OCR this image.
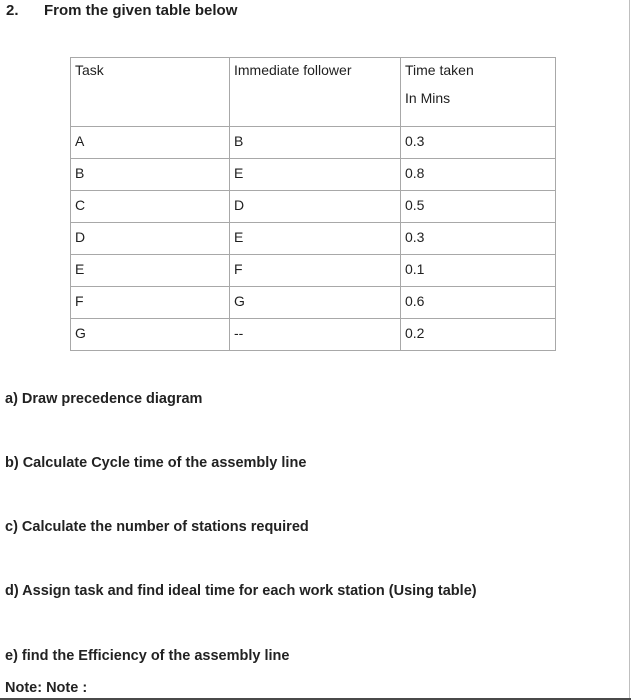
2. From the given table below
Task	Immediate follower	Time taken
In Mins

A	B	0.3
B	E	0.8
C	D	0.5
D	E	0.3
E	F	0.1
F	G	0.6
G	--	0.2
a) Draw precedence diagram
b) Calculate Cycle time of the assembly line
c) Calculate the number of stations required
d) Assign task and find ideal time for each work station (Using table)
e) find the Efficiency of the assembly line
Note: Note :
